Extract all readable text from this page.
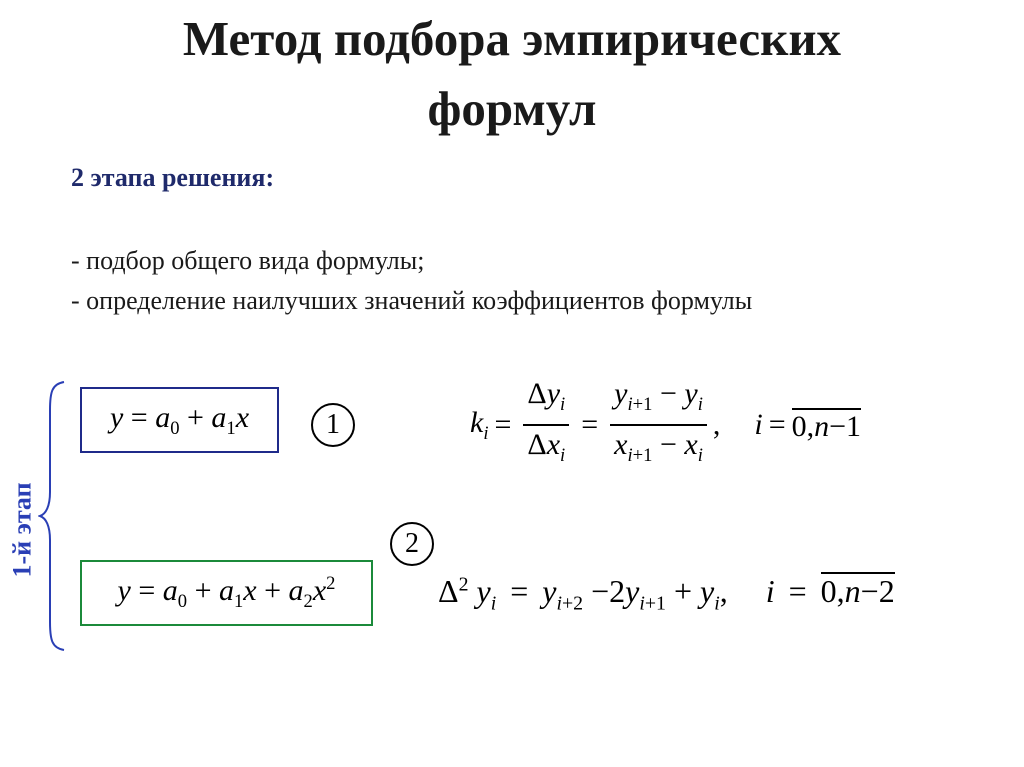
Метод подбора эмпирических
формул
2 этапа решения:
- подбор общего вида формулы;
- определение наилучших значений коэффициентов формулы
1-й этап
$y = a_0 + a_1x$	1	$k_i = \frac{\Delta y_i}{\Delta x_i} = \frac{y_{i+1} - y_i}{x_{i+1} - x_i}$ , i = 0,n−1
2
$y = a_0 + a_1x + a_2x^2$	$\Delta^2$ $y_i = y_{i+2} -2y_{i+1} + y_i$, i = 0,n−2
